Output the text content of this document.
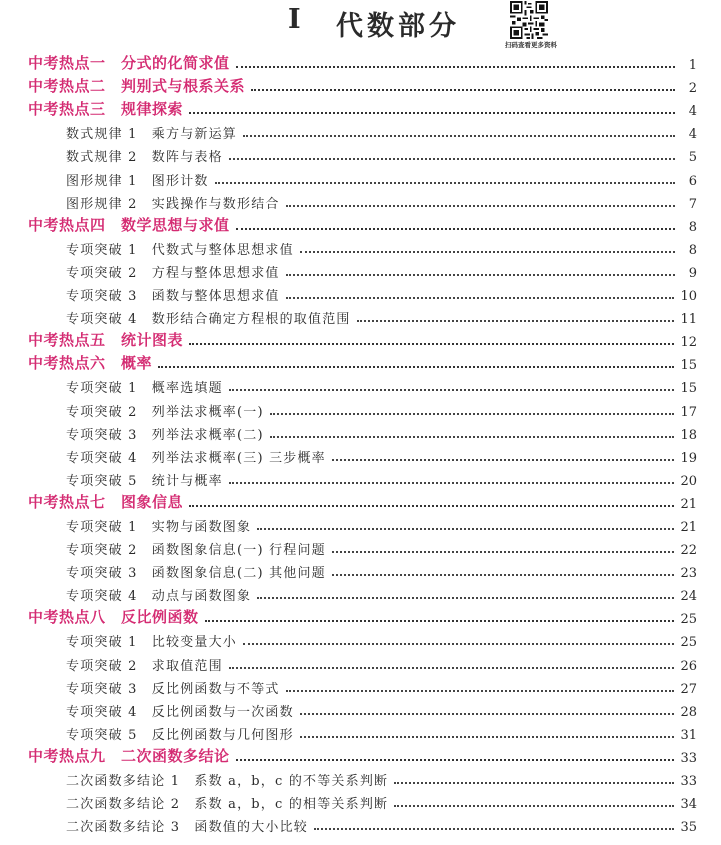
I 代数部分
扫码查看更多资料
中考热点一　分式的化简求值	1
中考热点二　判别式与根系关系	2
中考热点三　规律探索	4
数式规律 1　乘方与新运算	4
数式规律 2　数阵与表格	5
图形规律 1　图形计数	6
图形规律 2　实践操作与数形结合	7
中考热点四　数学思想与求值	8
专项突破 1　代数式与整体思想求值	8
专项突破 2　方程与整体思想求值	9
专项突破 3　函数与整体思想求值	10
专项突破 4　数形结合确定方程根的取值范围	11
中考热点五　统计图表	12
中考热点六　概率	15
专项突破 1　概率选填题	15
专项突破 2　列举法求概率(一)	17
专项突破 3　列举法求概率(二)	18
专项突破 4　列举法求概率(三) 三步概率	19
专项突破 5　统计与概率	20
中考热点七　图象信息	21
专项突破 1　实物与函数图象	21
专项突破 2　函数图象信息(一) 行程问题	22
专项突破 3　函数图象信息(二) 其他问题	23
专项突破 4　动点与函数图象	24
中考热点八　反比例函数	25
专项突破 1　比较变量大小	25
专项突破 2　求取值范围	26
专项突破 3　反比例函数与不等式	27
专项突破 4　反比例函数与一次函数	28
专项突破 5　反比例函数与几何图形	31
中考热点九　二次函数多结论	33
二次函数多结论 1　系数 a，b，c 的不等关系判断	33
二次函数多结论 2　系数 a，b，c 的相等关系判断	34
二次函数多结论 3　函数值的大小比较	35
